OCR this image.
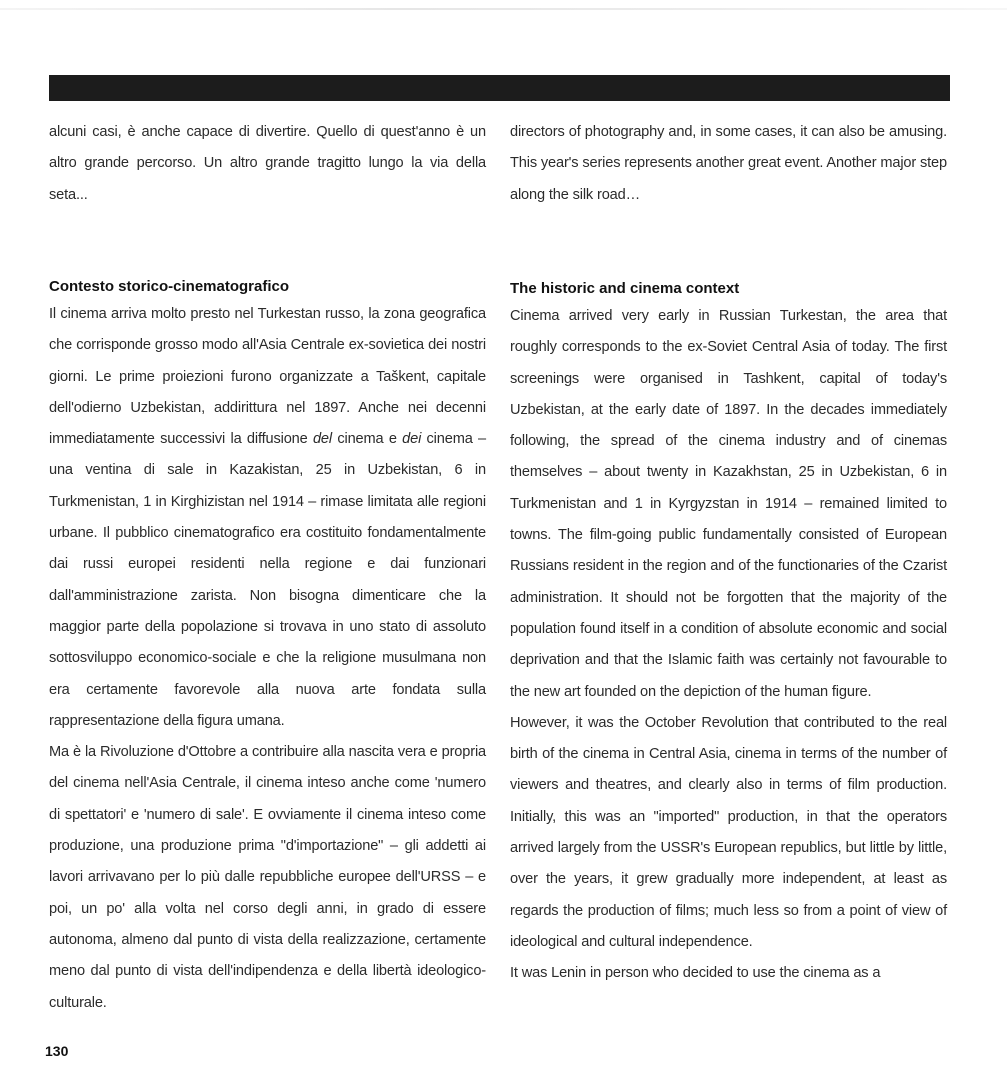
alcuni casi, è anche capace di divertire. Quello di quest'anno è un altro grande percorso. Un altro grande tragitto lungo la via della seta...

Contesto storico-cinematografico

Il cinema arriva molto presto nel Turkestan russo, la zona geografica che corrisponde grosso modo all'Asia Centrale ex-sovietica dei nostri giorni. Le prime proiezioni furono organizzate a Taškent, capitale dell'odierno Uzbekistan, addirittura nel 1897. Anche nei decenni immediatamente successivi la diffusione del cinema e dei cinema – una ventina di sale in Kazakistan, 25 in Uzbekistan, 6 in Turkmenistan, 1 in Kirghizistan nel 1914 – rimase limitata alle regioni urbane. Il pubblico cinematografico era costituito fondamentalmente dai russi europei residenti nella regione e dai funzionari dall'amministrazione zarista. Non bisogna dimenticare che la maggior parte della popolazione si trovava in uno stato di assoluto sottosviluppo economico-sociale e che la religione musulmana non era certamente favorevole alla nuova arte fondata sulla rappresentazione della figura umana.

Ma è la Rivoluzione d'Ottobre a contribuire alla nascita vera e propria del cinema nell'Asia Centrale, il cinema inteso anche come 'numero di spettatori' e 'numero di sale'. E ovviamente il cinema inteso come produzione, una produzione prima "d'importazione" – gli addetti ai lavori arrivavano per lo più dalle repubbliche europee dell'URSS – e poi, un po' alla volta nel corso degli anni, in grado di essere autonoma, almeno dal punto di vista della realizzazione, certamente meno dal punto di vista dell'indipendenza e della libertà ideologico-culturale.

directors of photography and, in some cases, it can also be amusing. This year's series represents another great event. Another major step along the silk road…

The historic and cinema context

Cinema arrived very early in Russian Turkestan, the area that roughly corresponds to the ex-Soviet Central Asia of today. The first screenings were organised in Tashkent, capital of today's Uzbekistan, at the early date of 1897. In the decades immediately following, the spread of the cinema industry and of cinemas themselves – about twenty in Kazakhstan, 25 in Uzbekistan, 6 in Turkmenistan and 1 in Kyrgyzstan in 1914 – remained limited to towns. The film-going public fundamentally consisted of European Russians resident in the region and of the functionaries of the Czarist administration. It should not be forgotten that the majority of the population found itself in a condition of absolute economic and social deprivation and that the Islamic faith was certainly not favourable to the new art founded on the depiction of the human figure.

However, it was the October Revolution that contributed to the real birth of the cinema in Central Asia, cinema in terms of the number of viewers and theatres, and clearly also in terms of film production. Initially, this was an "imported" production, in that the operators arrived largely from the USSR's European republics, but little by little, over the years, it grew gradually more independent, at least as regards the production of films; much less so from a point of view of ideological and cultural independence.

It was Lenin in person who decided to use the cinema as a

130
